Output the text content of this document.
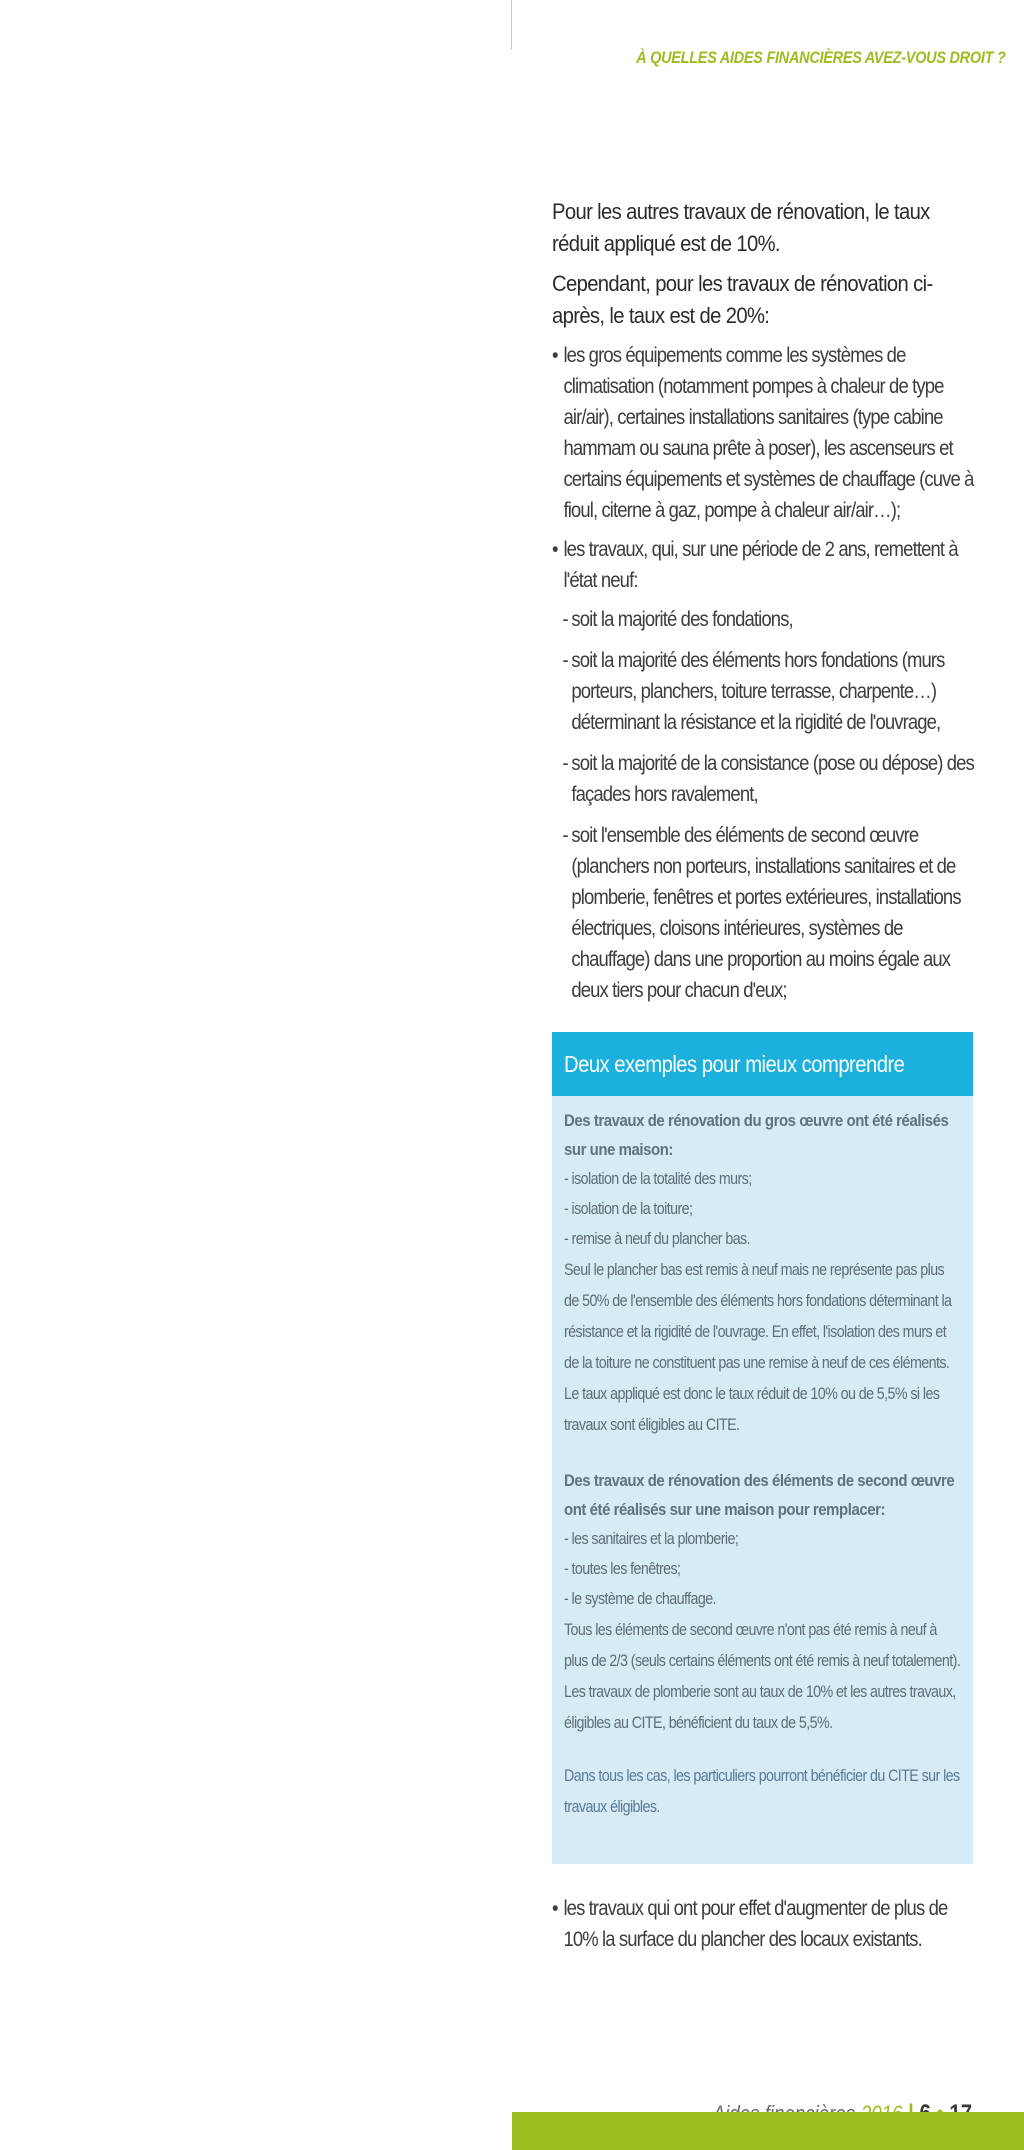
À QUELLES AIDES FINANCIÈRES AVEZ-VOUS DROIT ?

Pour les autres travaux de rénovation, le taux réduit appliqué est de 10%.

Cependant, pour les travaux de rénovation ci-après, le taux est de 20%:

• les gros équipements comme les systèmes de climatisation (notamment pompes à chaleur de type air/air), certaines installations sanitaires (type cabine hammam ou sauna prête à poser), les ascenseurs et certains équipements et systèmes de chauffage (cuve à fioul, citerne à gaz, pompe à chaleur air/air…);
• les travaux, qui, sur une période de 2 ans, remettent à l'état neuf:
- soit la majorité des fondations,
- soit la majorité des éléments hors fondations (murs porteurs, planchers, toiture terrasse, charpente…) déterminant la résistance et la rigidité de l'ouvrage,
- soit la majorité de la consistance (pose ou dépose) des façades hors ravalement,
- soit l'ensemble des éléments de second œuvre (planchers non porteurs, installations sanitaires et de plomberie, fenêtres et portes extérieures, installations électriques, cloisons intérieures, systèmes de chauffage) dans une proportion au moins égale aux deux tiers pour chacun d'eux;
Deux exemples pour mieux comprendre
Des travaux de rénovation du gros œuvre ont été réalisés sur une maison:
- isolation de la totalité des murs;
- isolation de la toiture;
- remise à neuf du plancher bas.
Seul le plancher bas est remis à neuf mais ne représente pas plus de 50% de l'ensemble des éléments hors fondations déterminant la résistance et la rigidité de l'ouvrage. En effet, l'isolation des murs et de la toiture ne constituent pas une remise à neuf de ces éléments. Le taux appliqué est donc le taux réduit de 10% ou de 5,5% si les travaux sont éligibles au CITE.
Des travaux de rénovation des éléments de second œuvre ont été réalisés sur une maison pour remplacer:
- les sanitaires et la plomberie;
- toutes les fenêtres;
- le système de chauffage.
Tous les éléments de second œuvre n'ont pas été remis à neuf à plus de 2/3 (seuls certains éléments ont été remis à neuf totalement). Les travaux de plomberie sont au taux de 10% et les autres travaux, éligibles au CITE, bénéficient du taux de 5,5%.
Dans tous les cas, les particuliers pourront bénéficier du CITE sur les travaux éligibles.
• les travaux qui ont pour effet d'augmenter de plus de 10% la surface du plancher des locaux existants.
